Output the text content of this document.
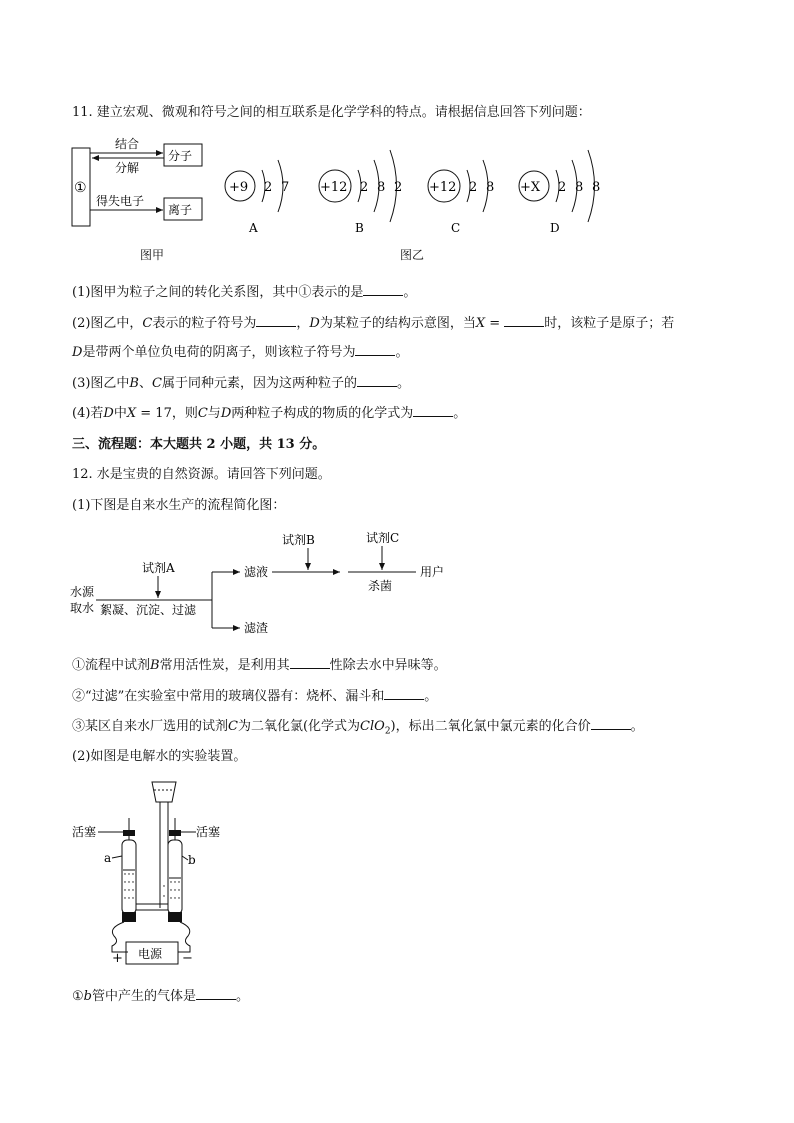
11. 建立宏观、微观和符号之间的相互联系是化学学科的特点。请根据信息回答下列问题：
①
分子
离子
结合
分解
得失电子
图甲
+9 2 7
A
+12 2 8 2
B
+12 2 8
C
+X 2 8 8
D
图乙
(1)图甲为粒子之间的转化关系图，其中①表示的是	。
(2)图乙中，C表示的粒子符号为	，D为某粒子的结构示意图，当X =	时，该粒子是原子；若
D是带两个单位负电荷的阴离子，则该粒子符号为	。
(3)图乙中B、C属于同种元素，因为这两种粒子的	。
(4)若D中X = 17，则C与D两种粒子构成的物质的化学式为	。
三、流程题：本大题共 2 小题，共 13 分。
12. 水是宝贵的自然资源。请回答下列问题。
(1)下图是自来水生产的流程简化图：
水源
取水 絮凝、沉淀、过滤
试剂A	滤液
滤渣
试剂B	试剂C
杀菌
用户
①流程中试剂B常用活性炭，是利用其	性除去水中异味等。
②“过滤”在实验室中常用的玻璃仪器有：烧杯、漏斗和	。
③某区自来水厂选用的试剂C为二氧化氯(化学式为ClO$_2$)，标出二氧化氯中氯元素的化合价	。
(2)如图是电解水的实验装置。
电源
+	−
活塞	活塞
a	b
①b管中产生的气体是	。
